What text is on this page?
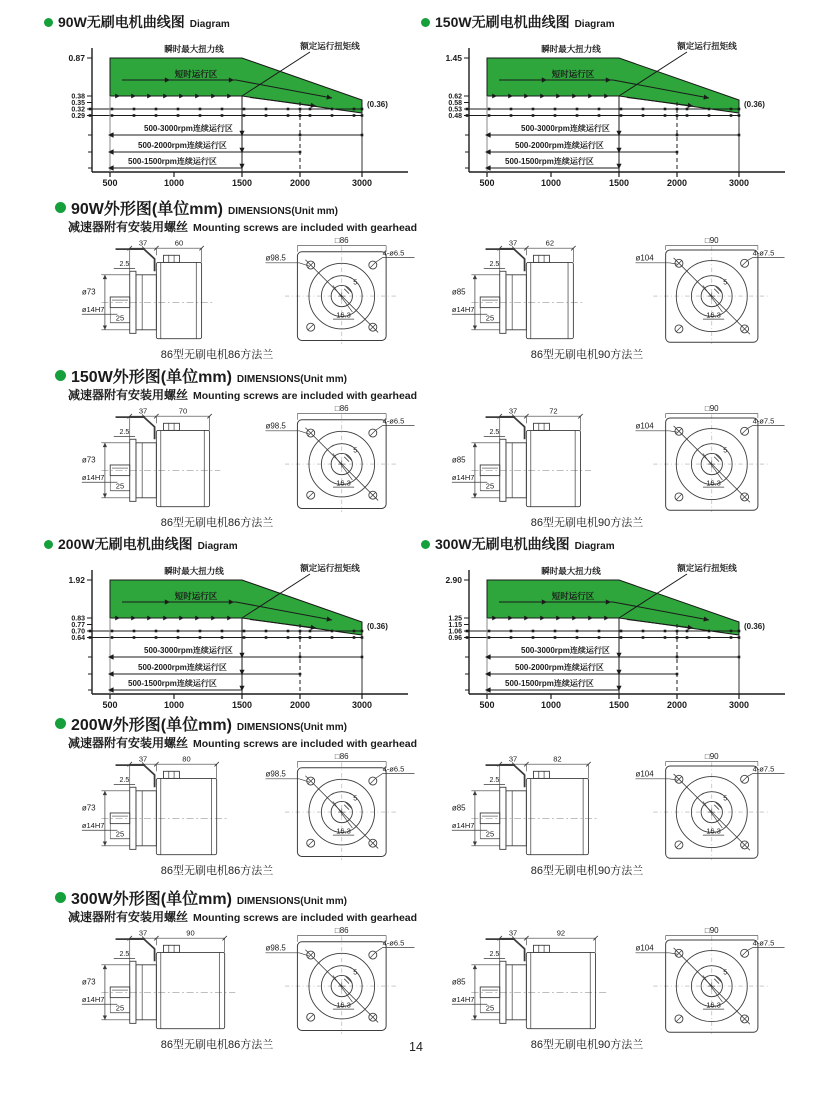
90W无刷电机曲线图 Diagram
500-3000rpm连续运行区
500-2000rpm连续运行区
500-1500rpm连续运行区
瞬时最大扭力线
短时运行区
额定运行扭矩线
0.87
0.38
0.35
0.32
0.29
(0.36)
500	1000	1500	2000	3000
150W无刷电机曲线图 Diagram
500-3000rpm连续运行区
500-2000rpm连续运行区
500-1500rpm连续运行区
瞬时最大扭力线
短时运行区
额定运行扭矩线
1.45
0.62
0.58
0.53
0.48
(0.36)
500	1000	1500	2000	3000
90W外形图(单位mm) DIMENSIONS(Unit mm)
减速器附有安装用螺丝 Mounting screws are included with gearhead
37	60
2.5
ø73
ø14H7
25
□86
ø98.5
4-ø6.5
5
16.3
86型无刷电机86方法兰
37	62
2.5
ø85
ø14H7
25
□90
ø104
4-ø7.5
5
16.3
86型无刷电机90方法兰
150W外形图(单位mm) DIMENSIONS(Unit mm)
减速器附有安装用螺丝 Mounting screws are included with gearhead
37	70
2.5
ø73
ø14H7
25
□86
ø98.5
4-ø6.5
5
16.3
86型无刷电机86方法兰
37	72
2.5
ø85
ø14H7
25
□90
ø104
4-ø7.5
5
16.3
86型无刷电机90方法兰
200W无刷电机曲线图 Diagram
500-3000rpm连续运行区
500-2000rpm连续运行区
500-1500rpm连续运行区
瞬时最大扭力线
短时运行区
额定运行扭矩线
1.92
0.83
0.77
0.70
0.64
(0.36)
500	1000	1500	2000	3000
300W无刷电机曲线图 Diagram
500-3000rpm连续运行区
500-2000rpm连续运行区
500-1500rpm连续运行区
瞬时最大扭力线
短时运行区
额定运行扭矩线
2.90
1.25
1.15
1.06
0.96
(0.36)
500	1000	1500	2000	3000
200W外形图(单位mm) DIMENSIONS(Unit mm)
减速器附有安装用螺丝 Mounting screws are included with gearhead
37	80
2.5
ø73
ø14H7
25
□86
ø98.5
4-ø6.5
5
16.3
86型无刷电机86方法兰
37	82
2.5
ø85
ø14H7
25
□90
ø104
4-ø7.5
5
16.3
86型无刷电机90方法兰
300W外形图(单位mm) DIMENSIONS(Unit mm)
减速器附有安装用螺丝 Mounting screws are included with gearhead
37	90
2.5
ø73
ø14H7
25
□86
ø98.5
4-ø6.5
5
16.3
86型无刷电机86方法兰
37	92
2.5
ø85
ø14H7
25
□90
ø104
4-ø7.5
5
16.3
86型无刷电机90方法兰
14
